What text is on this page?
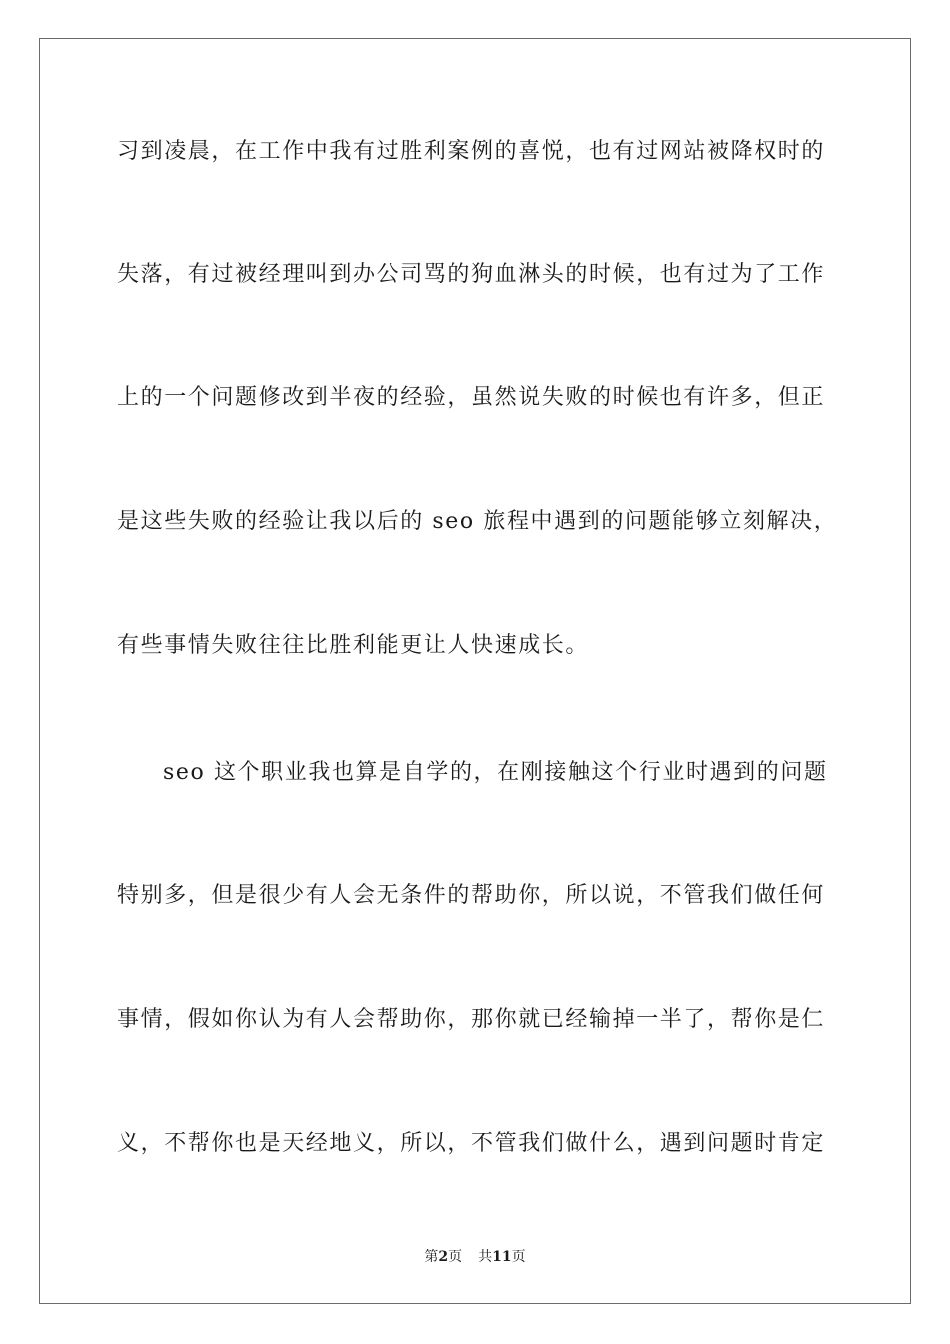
习到凌晨，在工作中我有过胜利案例的喜悦，也有过网站被降权时的
失落，有过被经理叫到办公司骂的狗血淋头的时候，也有过为了工作
上的一个问题修改到半夜的经验，虽然说失败的时候也有许多，但正
是这些失败的经验让我以后的 seo 旅程中遇到的问题能够立刻解决，
有些事情失败往往比胜利能更让人快速成长。
seo 这个职业我也算是自学的，在刚接触这个行业时遇到的问题
特别多，但是很少有人会无条件的帮助你，所以说，不管我们做任何
事情，假如你认为有人会帮助你，那你就已经输掉一半了，帮你是仁
义，不帮你也是天经地义，所以，不管我们做什么，遇到问题时肯定
第2页 共11页
